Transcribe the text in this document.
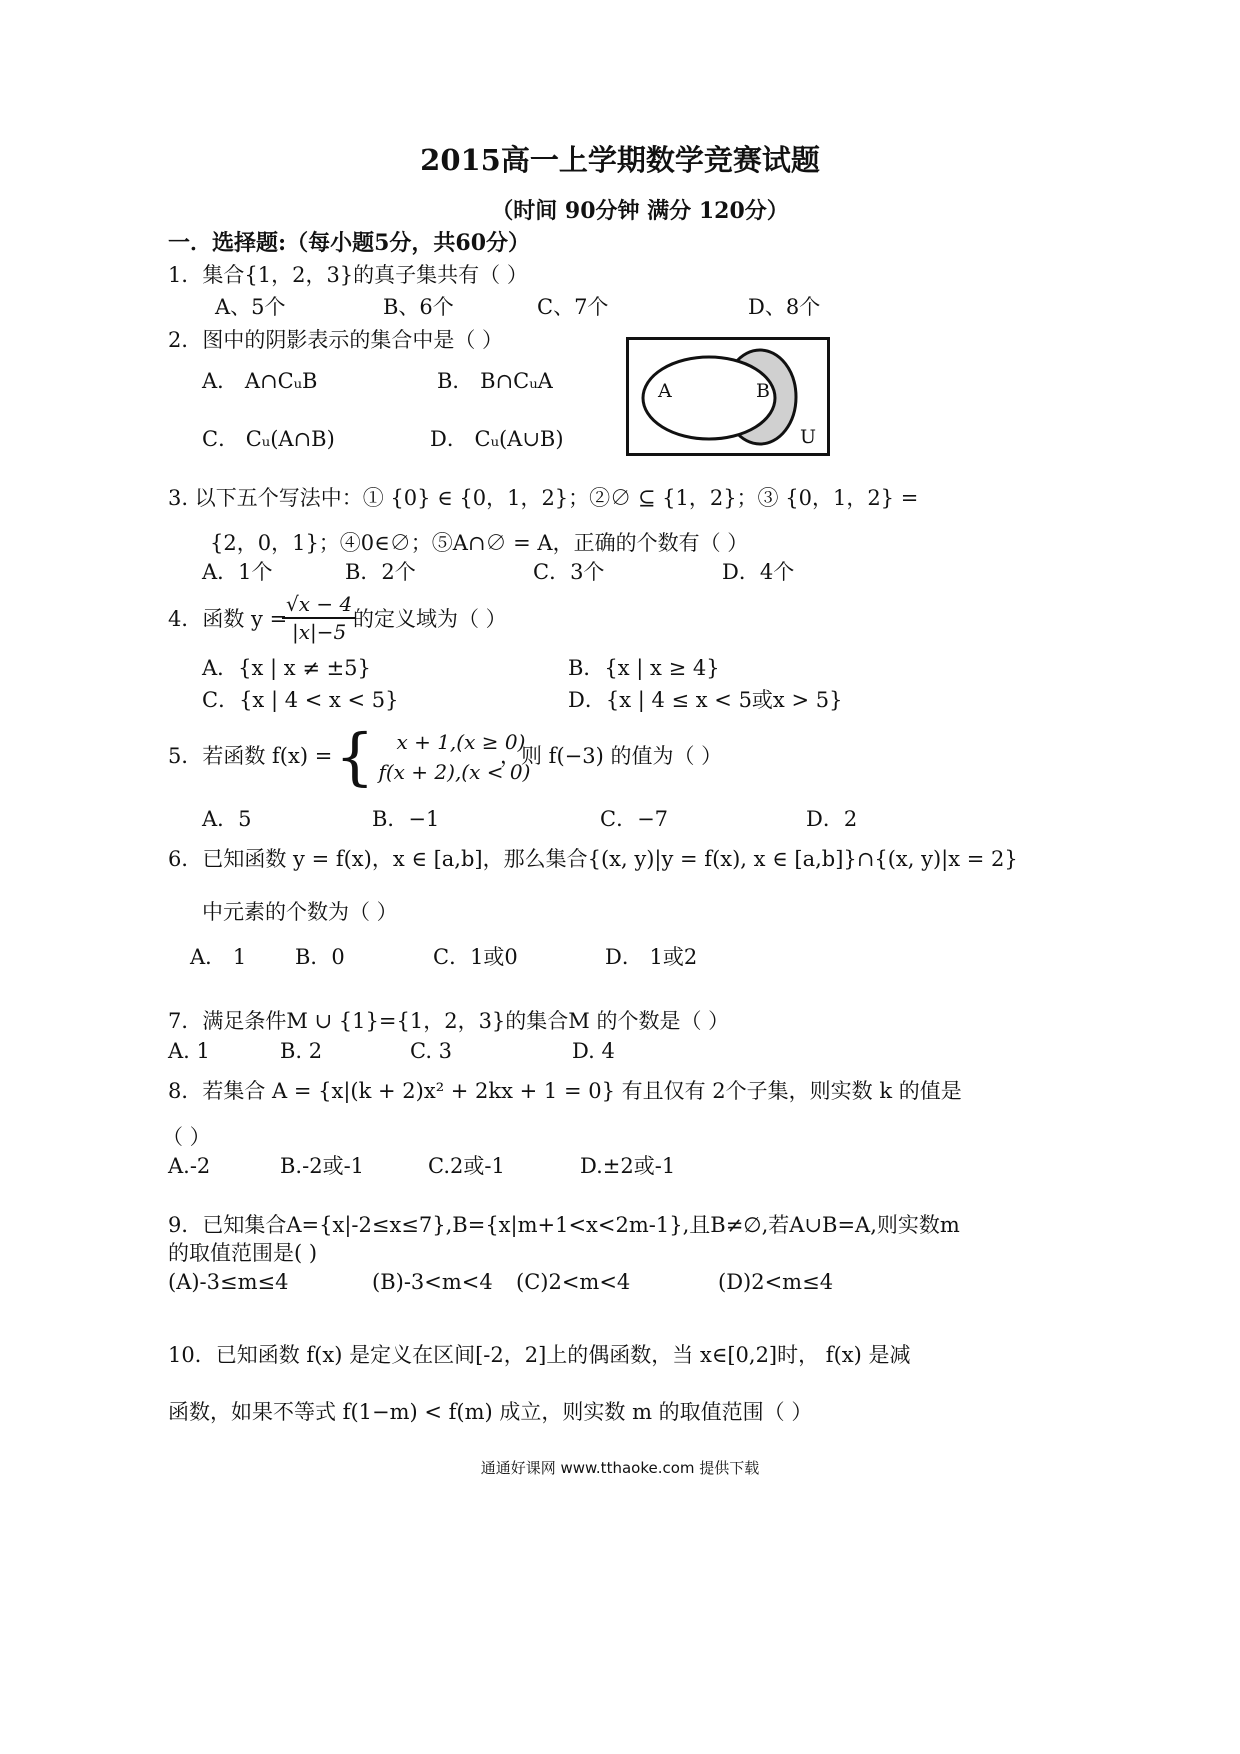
2015高一上学期数学竞赛试题
（时间 90分钟 满分 120分）
一．选择题:（每小题5分，共60分）
1．集合{1，2，3}的真子集共有（ ）
A、5个	B、6个	C、7个	D、8个
2．图中的阴影表示的集合中是（ ）
A． A∩CᵤB	B． B∩CᵤA
C． Cᵤ(A∩B)	D． Cᵤ(A∪B)
A	B
U
3. 以下五个写法中：① {0} ∈ {0，1，2}；②∅ ⊆ {1，2}；③ {0，1，2} =
{2，0，1}；④0∈∅；⑤A∩∅ = A，正确的个数有（ ）
A．1个	B．2个	C．3个	D．4个
4．函数 y =
$\frac{√x - 4}{|x|-5}$
的定义域为（ ）
A．{x | x ≠ ±5}	B．{x | x ≥ 4}
C．{x | 4 < x < 5}	D．{x | 4 ≤ x < 5或x > 5}
5．若函数 f(x) = {	x + 1,(x ≥ 0)
f(x + 2),(x < 0)
，则 f(−3) 的值为（ ）
A．5	B．−1	C．−7	D．2
6．已知函数 y = f(x)，x ∈ [a,b]，那么集合{(x, y)|y = f(x), x ∈ [a,b]}∩{(x, y)|x = 2}
中元素的个数为（ ）
A． 1 B．0	C．1或0	D． 1或2
7．满足条件M ∪ {1}={1，2，3}的集合M 的个数是（ ）
A. 1	B. 2	C. 3	D. 4
8．若集合 A = {x|(k + 2)x² + 2kx + 1 = 0} 有且仅有 2个子集，则实数 k 的值是
（ ）
A.-2	B.-2或-1	C.2或-1	D.±2或-1
9．已知集合A={x|-2≤x≤7},B={x|m+1<x<2m-1},且B≠∅,若A∪B=A,则实数m
的取值范围是( )
(A)-3≤m≤4	(B)-3<m<4 (C)2<m<4	(D)2<m≤4
10．已知函数 f(x) 是定义在区间[-2，2]上的偶函数，当 x∈[0,2]时， f(x) 是减
函数，如果不等式 f(1−m) < f(m) 成立，则实数 m 的取值范围（ ）
通通好课网 www.tthaoke.com 提供下载
